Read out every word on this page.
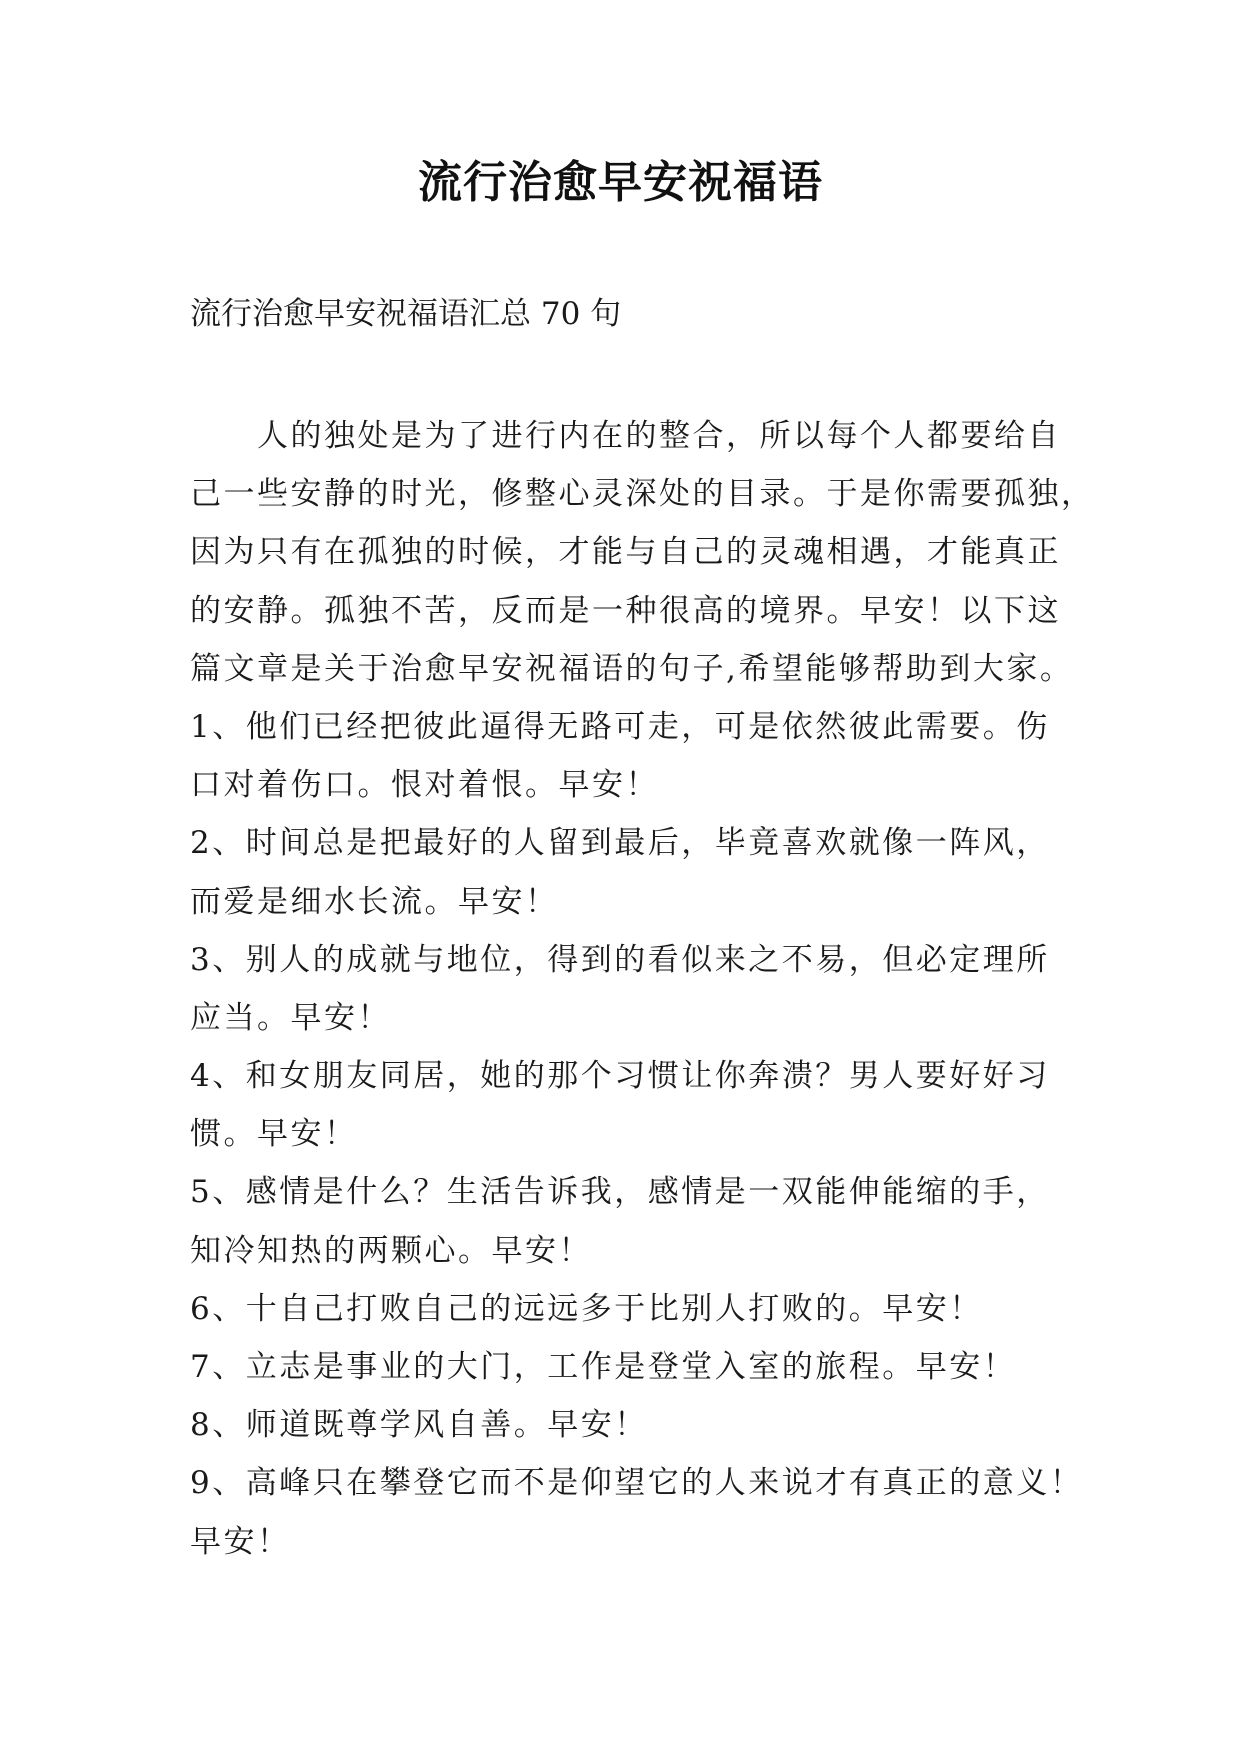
流行治愈早安祝福语
流行治愈早安祝福语汇总 70 句
　　人的独处是为了进行内在的整合，所以每个人都要给自
己一些安静的时光，修整心灵深处的目录。于是你需要孤独，
因为只有在孤独的时候，才能与自己的灵魂相遇，才能真正
的安静。孤独不苦，反而是一种很高的境界。早安！以下这
篇文章是关于治愈早安祝福语的句子,希望能够帮助到大家。
1、他们已经把彼此逼得无路可走，可是依然彼此需要。伤
口对着伤口。恨对着恨。早安！
2、时间总是把最好的人留到最后，毕竟喜欢就像一阵风，
而爱是细水长流。早安！
3、别人的成就与地位，得到的看似来之不易，但必定理所
应当。早安！
4、和女朋友同居，她的那个习惯让你奔溃？男人要好好习
惯。早安！
5、感情是什么？生活告诉我，感情是一双能伸能缩的手，
知冷知热的两颗心。早安！
6、十自己打败自己的远远多于比别人打败的。早安！
7、立志是事业的大门，工作是登堂入室的旅程。早安！
8、师道既尊学风自善。早安！
9、高峰只在攀登它而不是仰望它的人来说才有真正的意义！
早安！
